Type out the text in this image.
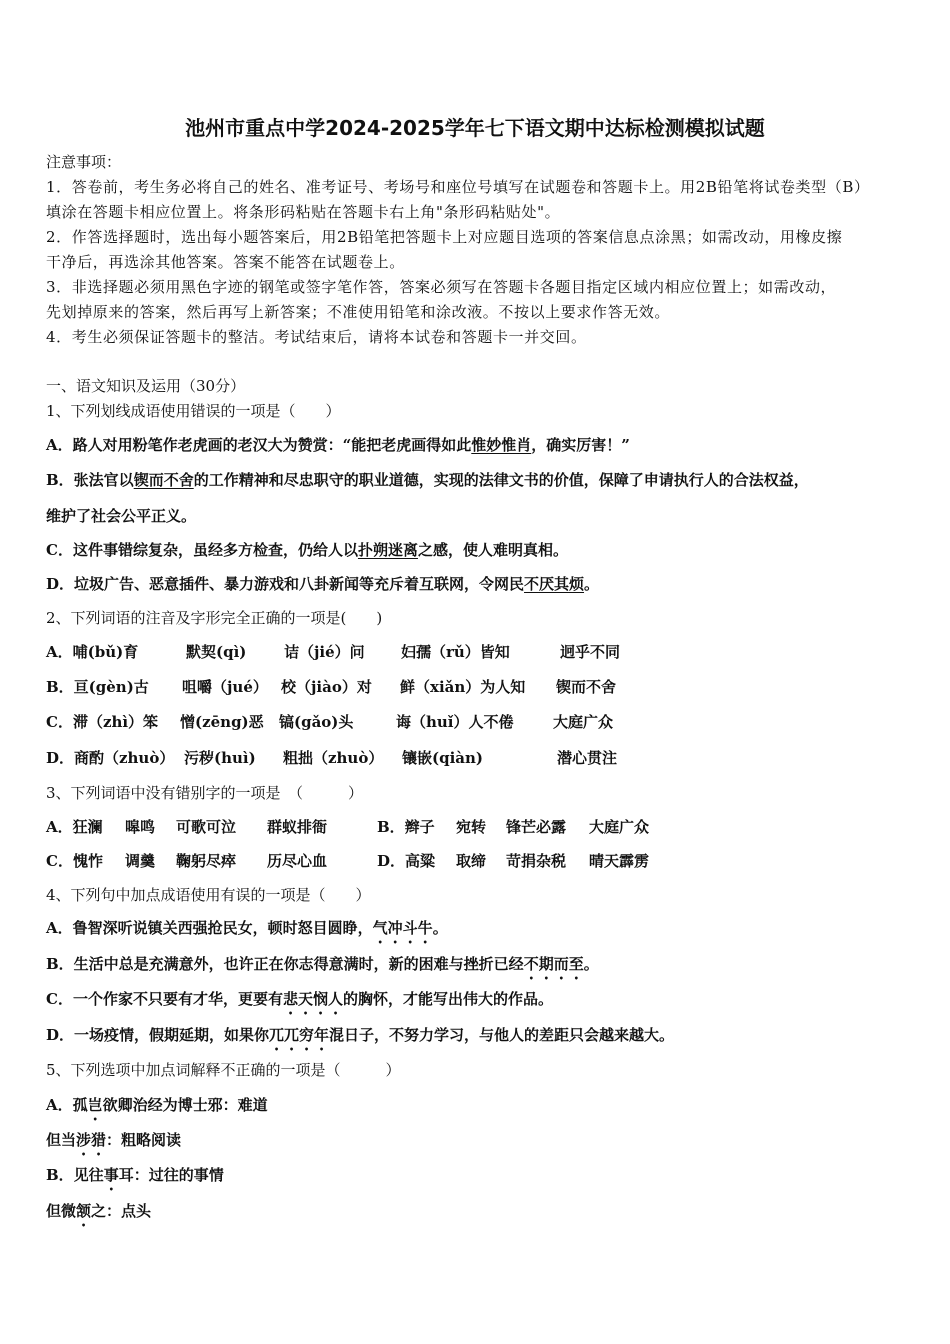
池州市重点中学2024-2025学年七下语文期中达标检测模拟试题
注意事项：
1．答卷前，考生务必将自己的姓名、准考证号、考场号和座位号填写在试题卷和答题卡上。用2B铅笔将试卷类型（B）
填涂在答题卡相应位置上。将条形码粘贴在答题卡右上角"条形码粘贴处"。
2．作答选择题时，选出每小题答案后，用2B铅笔把答题卡上对应题目选项的答案信息点涂黑；如需改动，用橡皮擦
干净后，再选涂其他答案。答案不能答在试题卷上。
3．非选择题必须用黑色字迹的钢笔或签字笔作答，答案必须写在答题卡各题目指定区域内相应位置上；如需改动，
先划掉原来的答案，然后再写上新答案；不准使用铅笔和涂改液。不按以上要求作答无效。
4．考生必须保证答题卡的整洁。考试结束后，请将本试卷和答题卡一并交回。
一、语文知识及运用（30分）
1、下列划线成语使用错误的一项是（　　）
A．路人对用粉笔作老虎画的老汉大为赞赏：“能把老虎画得如此惟妙惟肖，确实厉害！”
B．张法官以锲而不舍的工作精神和尽忠职守的职业道德，实现的法律文书的价值，保障了申请执行人的合法权益，
维护了社会公平正义。
C．这件事错综复杂，虽经多方检查，仍给人以扑朔迷离之感，使人难明真相。
D．垃圾广告、恶意插件、暴力游戏和八卦新闻等充斥着互联网，令网民不厌其烦。
2、下列词语的注音及字形完全正确的一项是(　　)
A．哺(bǔ)育	默契(qì)	诘（jié）问 妇孺（rǔ）皆知	迥乎不同
B．亘(gèn)古 咀嚼（jué） 校（jiào）对 鲜（xiǎn）为人知 锲而不舍
C．滞（zhì）笨 憎(zēng)恶 镐(gǎo)头	诲（huǐ）人不倦	大庭广众
D．商酌（zhuò） 污秽(huì) 粗拙（zhuò） 镶嵌(qiàn)	潜心贯注
3、下列词语中没有错别字的一项是　（　　　）
A．狂澜 嗥鸣 可歌可泣 群蚁排衙	B．辫子 宛转 锋芒必露 大庭广众
C．愧怍 调羹 鞠躬尽瘁 历尽心血	D．高粱 取缔 苛捐杂税 晴天霹雳
4、下列句中加点成语使用有误的一项是（　　）
A．鲁智深听说镇关西强抢民女，顿时怒目圆睁，气冲斗牛。
B．生活中总是充满意外，也许正在你志得意满时，新的困难与挫折已经不期而至。
C．一个作家不只要有才华，更要有悲天悯人的胸怀，才能写出伟大的作品。
D．一场疫情，假期延期，如果你兀兀穷年混日子，不努力学习，与他人的差距只会越来越大。
5、下列选项中加点词解释不正确的一项是（　　　）
A．孤岂欲卿治经为博士邪：难道
但当涉猎：粗略阅读
B．见往事耳：过往的事情
但微颔之：点头
